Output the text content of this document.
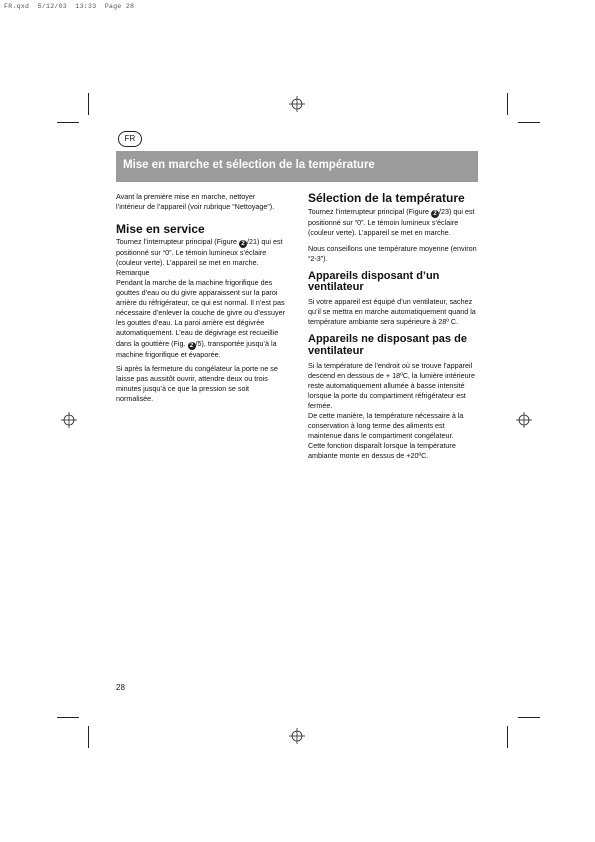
FR.qxd  5/12/03  13:33  Page 28
FR
Mise en marche et sélection de la température

Avant la première mise en marche, nettoyer l’intérieur de l’appareil (voir rubrique “Nettoyage”).

Mise en service

Tournez l’interrupteur principal (Figure 2 /21) qui est positionné sur “0”. Le témoin lumineux s’éclaire (couleur verte). L’appareil se met en marche.

Remarque

Pendant la marche de la machine frigorifique des gouttes d’eau ou du givre apparaissent sur la paroi arrière du réfrigérateur, ce qui est normal. Il n’est pas nécessaire d’enlever la couche de givre ou d’essuyer les gouttes d’eau. La paroi arrière est dégivrée automatiquement. L’eau de dégivrage est recueillie dans la gouttière (Fig. 2 /5), transportée jusqu’à la machine frigorifique et évaporée.

Si après la fermeture du congélateur la porte ne se laisse pas aussitôt ouvrir, attendre deux ou trois minutes jusqu’à ce que la pression se soit normalisée.

Sélection de la température

Tournez l’interrupteur principal (Figure 2 /23) qui est positionné sur “0”. Le témoin lumineux s’éclaire (couleur verte). L’appareil se met en marche.

Nous conseillons une température moyenne (environ “2-3”).

Appareils disposant d’un ventilateur

Si votre appareil est équipé d’un ventilateur, sachez qu’il se mettra en marche automatiquement quand la température ambiante sera supérieure à 28º C.

Appareils ne disposant pas de ventilateur

Si la température de l’endroit où se trouve l’appareil descend en dessous de + 18ºC, la lumière intérieure reste automatiquement allumée à basse intensité lorsque la porte du compartiment réfrigérateur est fermée.

De cette manière, la température nécessaire à la conservation à long terme des aliments est maintenue dans le compartiment congélateur.

Cette fonction disparaît lorsque la température ambiante monte en dessus de +20ºC.

28
